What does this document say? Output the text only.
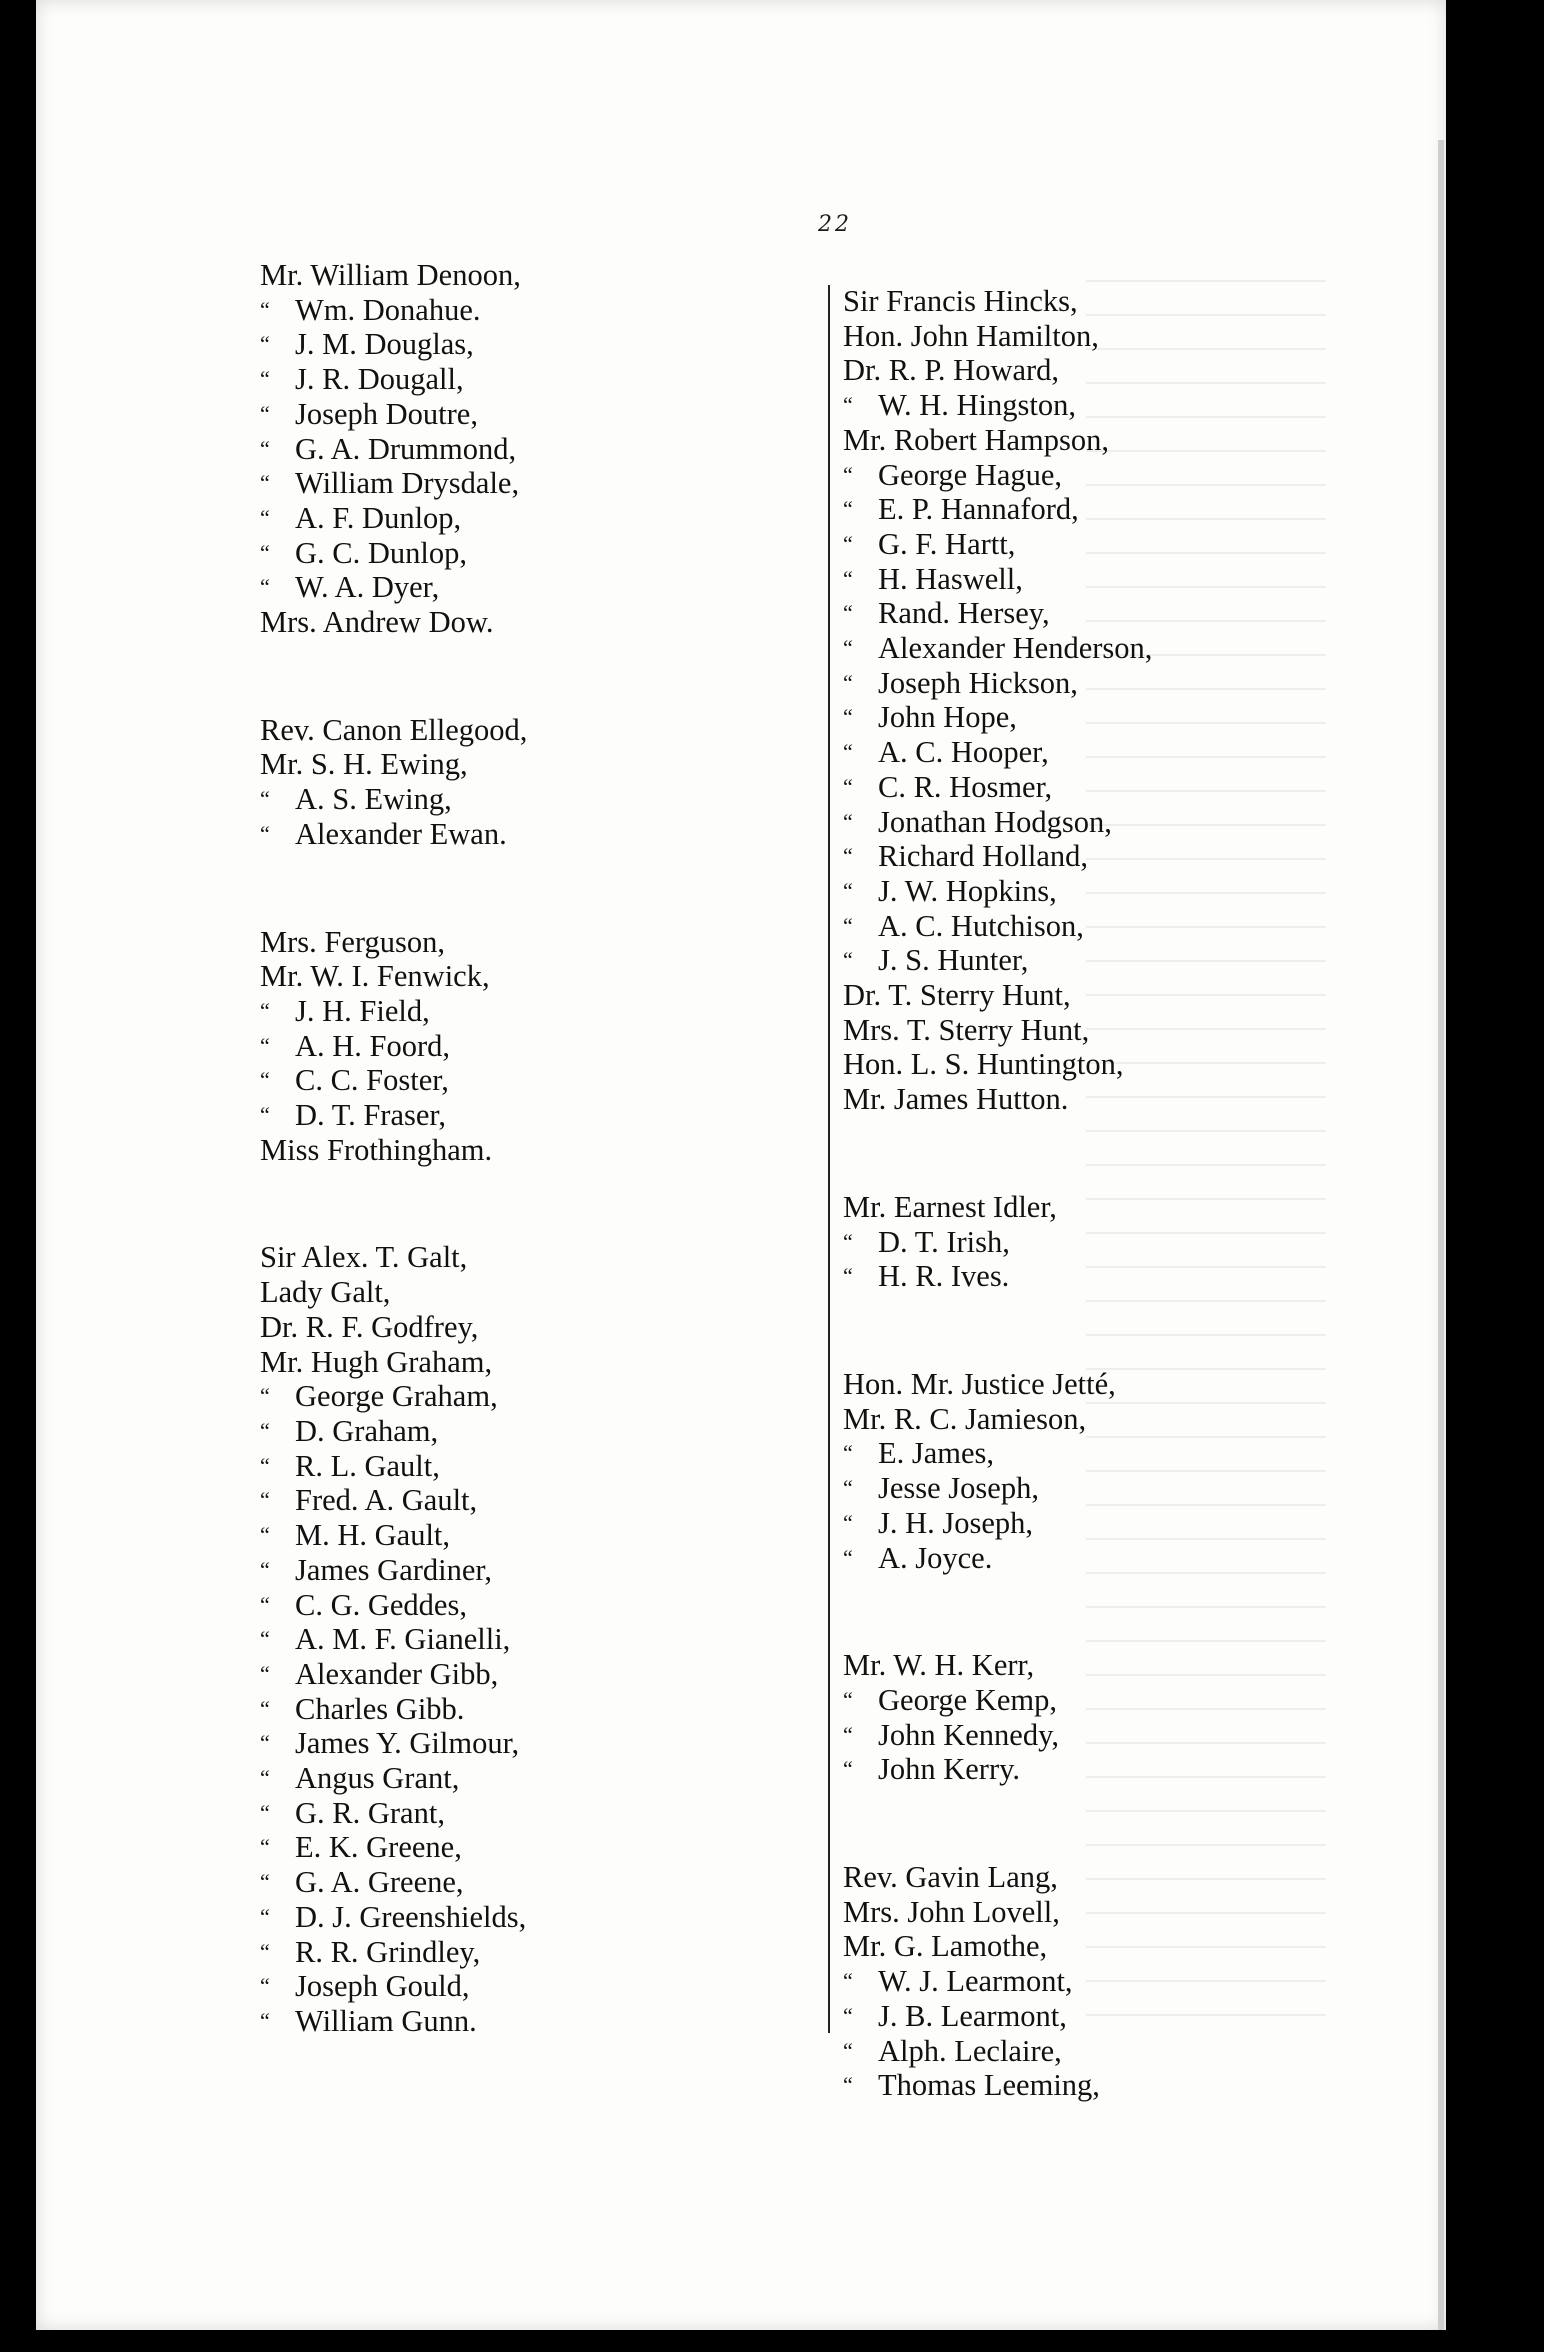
22
Mr. William Denoon,
“ Wm. Donahue.
“ J. M. Douglas,
“ J. R. Dougall,
“ Joseph Doutre,
“ G. A. Drummond,
“ William Drysdale,
“ A. F. Dunlop,
“ G. C. Dunlop,
“ W. A. Dyer,
Mrs. Andrew Dow.
Rev. Canon Ellegood,
Mr. S. H. Ewing,
“ A. S. Ewing,
“ Alexander Ewan.
Mrs. Ferguson,
Mr. W. I. Fenwick,
“ J. H. Field,
“ A. H. Foord,
“ C. C. Foster,
“ D. T. Fraser,
Miss Frothingham.
Sir Alex. T. Galt,
Lady Galt,
Dr. R. F. Godfrey,
Mr. Hugh Graham,
“ George Graham,
“ D. Graham,
“ R. L. Gault,
“ Fred. A. Gault,
“ M. H. Gault,
“ James Gardiner,
“ C. G. Geddes,
“ A. M. F. Gianelli,
“ Alexander Gibb,
“ Charles Gibb.
“ James Y. Gilmour,
“ Angus Grant,
“ G. R. Grant,
“ E. K. Greene,
“ G. A. Greene,
“ D. J. Greenshields,
“ R. R. Grindley,
“ Joseph Gould,
“ William Gunn.
Sir Francis Hincks,
Hon. John Hamilton,
Dr. R. P. Howard,
“ W. H. Hingston,
Mr. Robert Hampson,
“ George Hague,
“ E. P. Hannaford,
“ G. F. Hartt,
“ H. Haswell,
“ Rand. Hersey,
“ Alexander Henderson,
“ Joseph Hickson,
“ John Hope,
“ A. C. Hooper,
“ C. R. Hosmer,
“ Jonathan Hodgson,
“ Richard Holland,
“ J. W. Hopkins,
“ A. C. Hutchison,
“ J. S. Hunter,
Dr. T. Sterry Hunt,
Mrs. T. Sterry Hunt,
Hon. L. S. Huntington,
Mr. James Hutton.
Mr. Earnest Idler,
“ D. T. Irish,
“ H. R. Ives.
Hon. Mr. Justice Jetté,
Mr. R. C. Jamieson,
“ E. James,
“ Jesse Joseph,
“ J. H. Joseph,
“ A. Joyce.
Mr. W. H. Kerr,
“ George Kemp,
“ John Kennedy,
“ John Kerry.
Rev. Gavin Lang,
Mrs. John Lovell,
Mr. G. Lamothe,
“ W. J. Learmont,
“ J. B. Learmont,
“ Alph. Leclaire,
“ Thomas Leeming,
